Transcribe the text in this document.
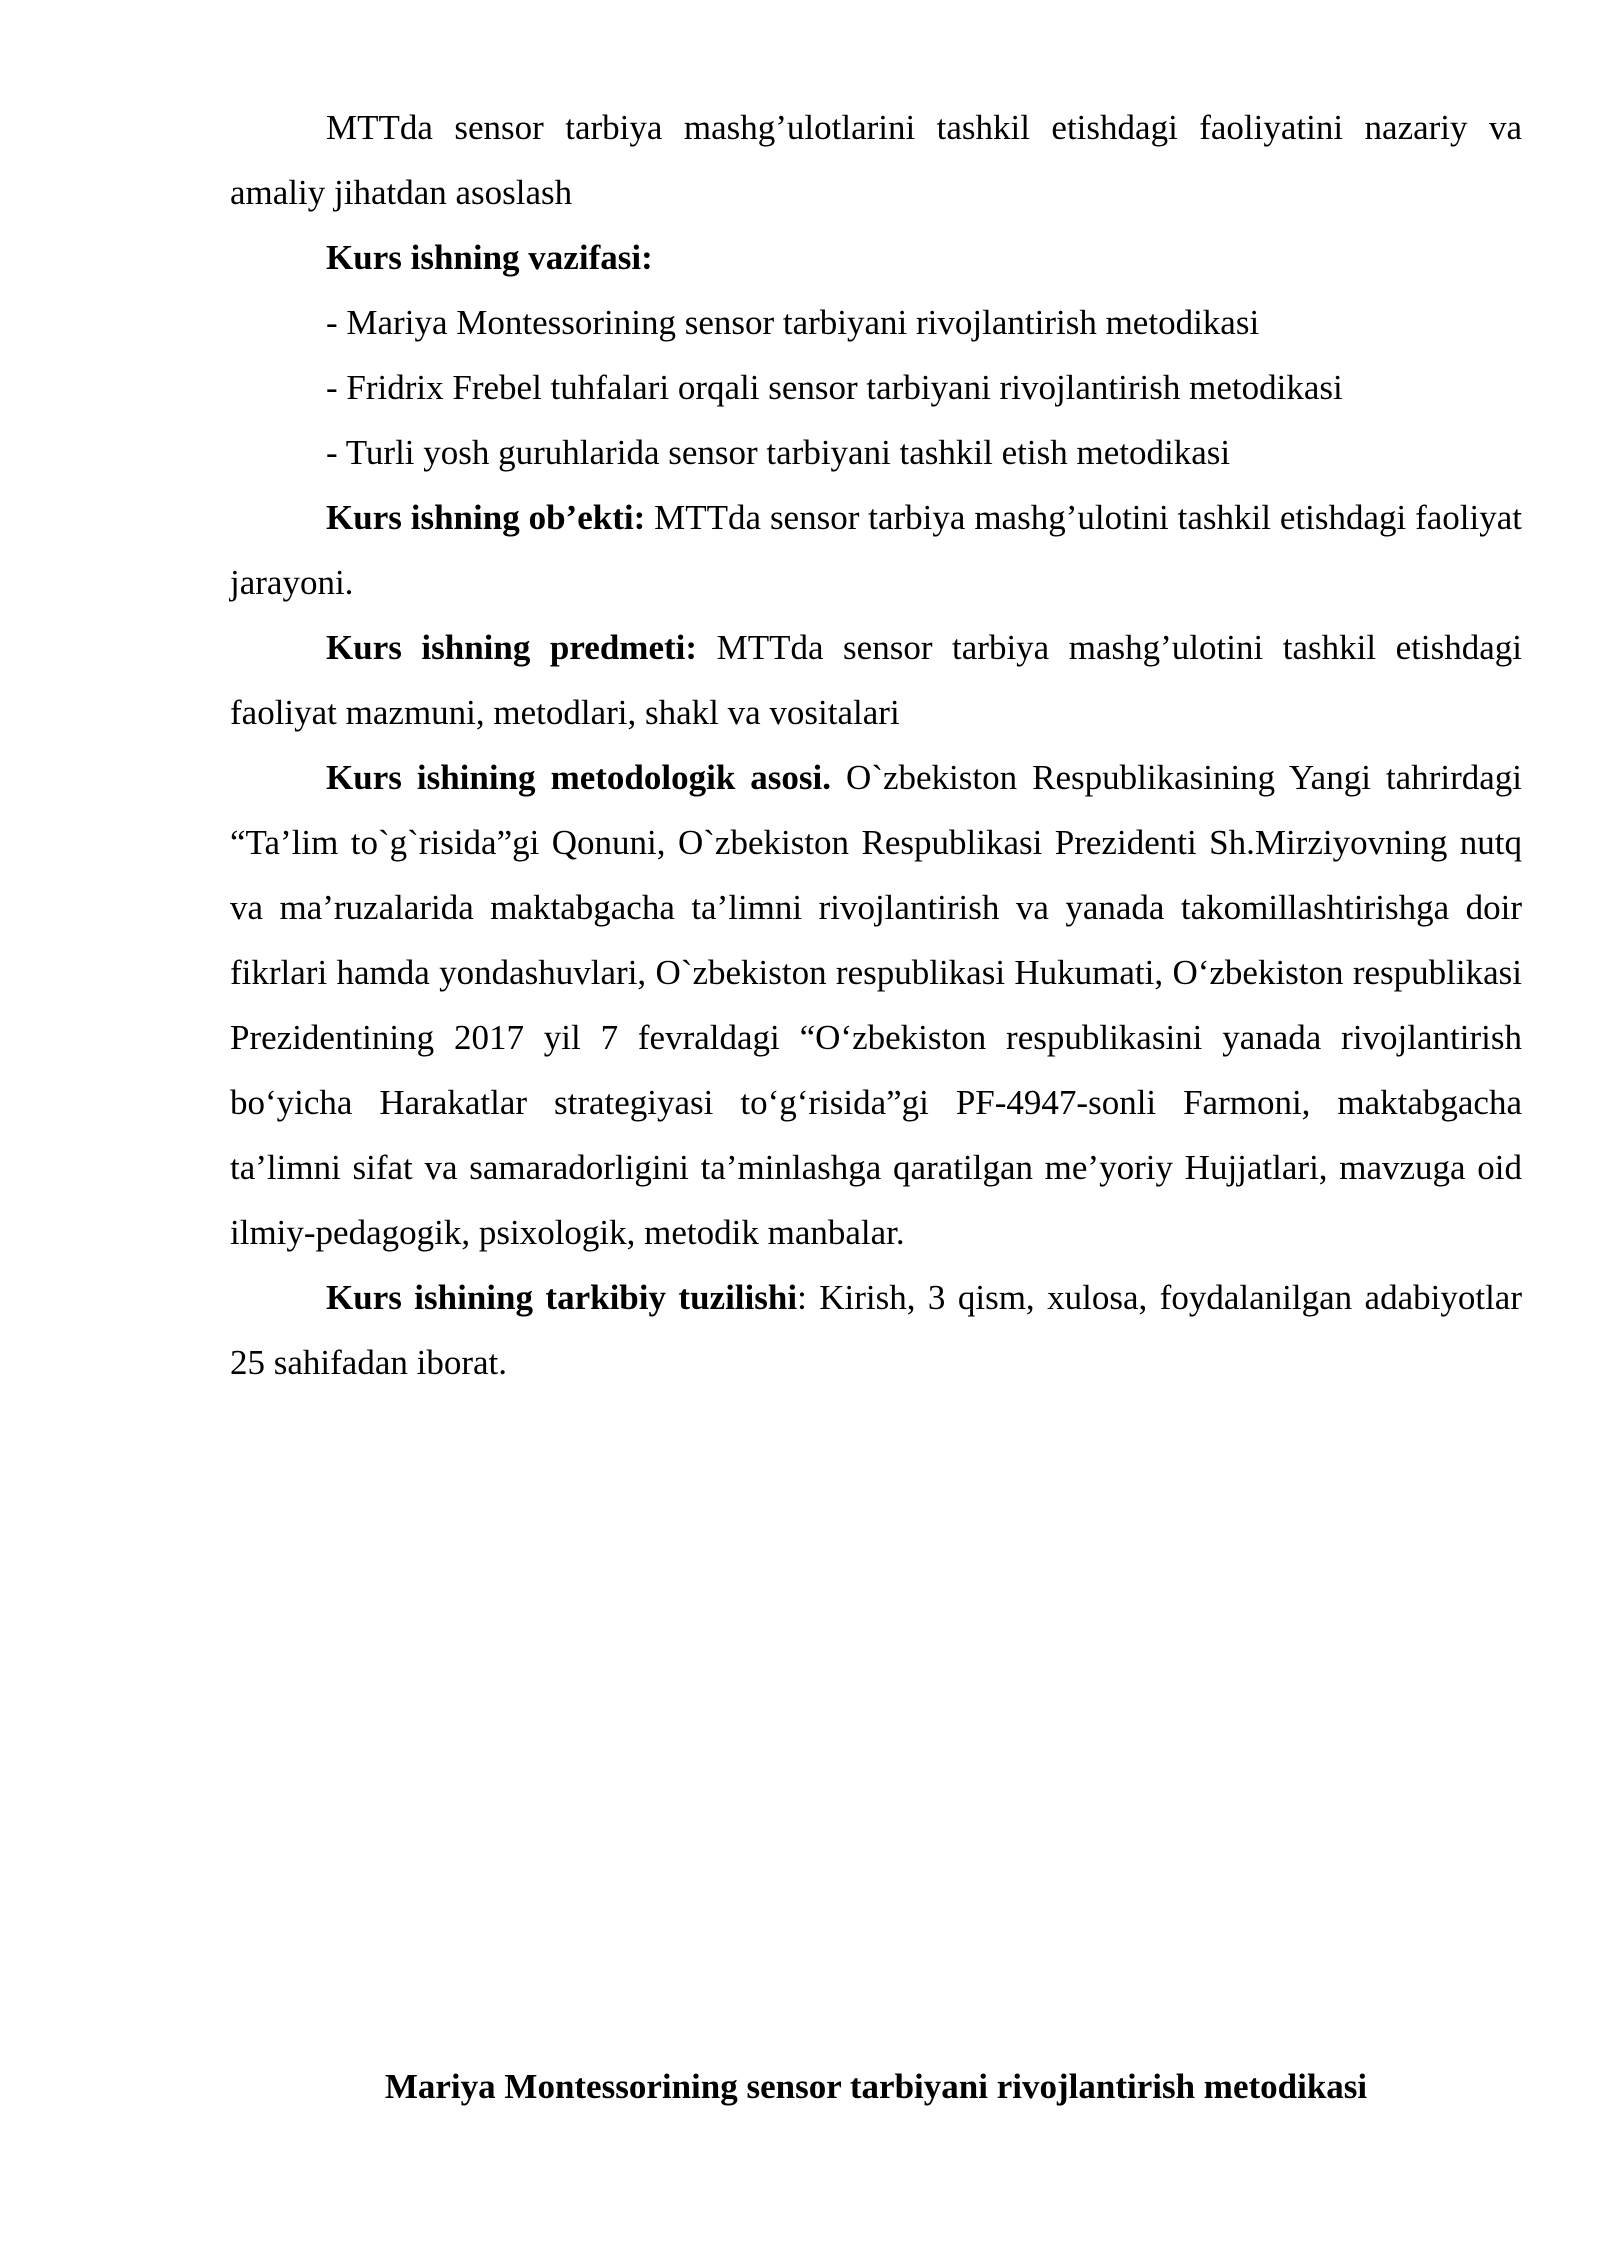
MTTda sensor tarbiya mashg’ulotlarini tashkil etishdagi faoliyatini nazariy va amaliy jihatdan asoslash

Kurs ishning vazifasi:

- Mariya Montessorining sensor tarbiyani rivojlantirish metodikasi

- Fridrix Frebel tuhfalari orqali sensor tarbiyani rivojlantirish metodikasi

- Turli yosh guruhlarida sensor tarbiyani tashkil etish metodikasi

Kurs ishning ob’ekti: MTTda sensor tarbiya mashg’ulotini tashkil etishdagi faoliyat jarayoni.

Kurs ishning predmeti: MTTda sensor tarbiya mashg’ulotini tashkil etishdagi faoliyat mazmuni, metodlari, shakl va vositalari

Kurs ishining metodologik asosi. O`zbekiston Respublikasining Yangi tahrirdagi “Ta’lim to`g`risida”gi Qonuni, O`zbekiston Respublikasi Prezidenti Sh.Mirziyovning nutq va ma’ruzalarida maktabgacha ta’limni rivojlantirish va yanada takomillashtirishga doir fikrlari hamda yondashuvlari, O`zbekiston respublikasi Hukumati, O‘zbekiston respublikasi Prezidentining 2017 yil 7 fevraldagi “O‘zbekiston respublikasini yanada rivojlantirish bo‘yicha Harakatlar strategiyasi to‘g‘risida”gi PF-4947-sonli Farmoni, maktabgacha ta’limni sifat va samaradorligini ta’minlashga qaratilgan me’yoriy Hujjatlari, mavzuga oid ilmiy-pedagogik, psixologik, metodik manbalar.

Kurs ishining tarkibiy tuzilishi: Kirish, 3 qism, xulosa, foydalanilgan adabiyotlar 25 sahifadan iborat.

Mariya Montessorining sensor tarbiyani rivojlantirish metodikasi
